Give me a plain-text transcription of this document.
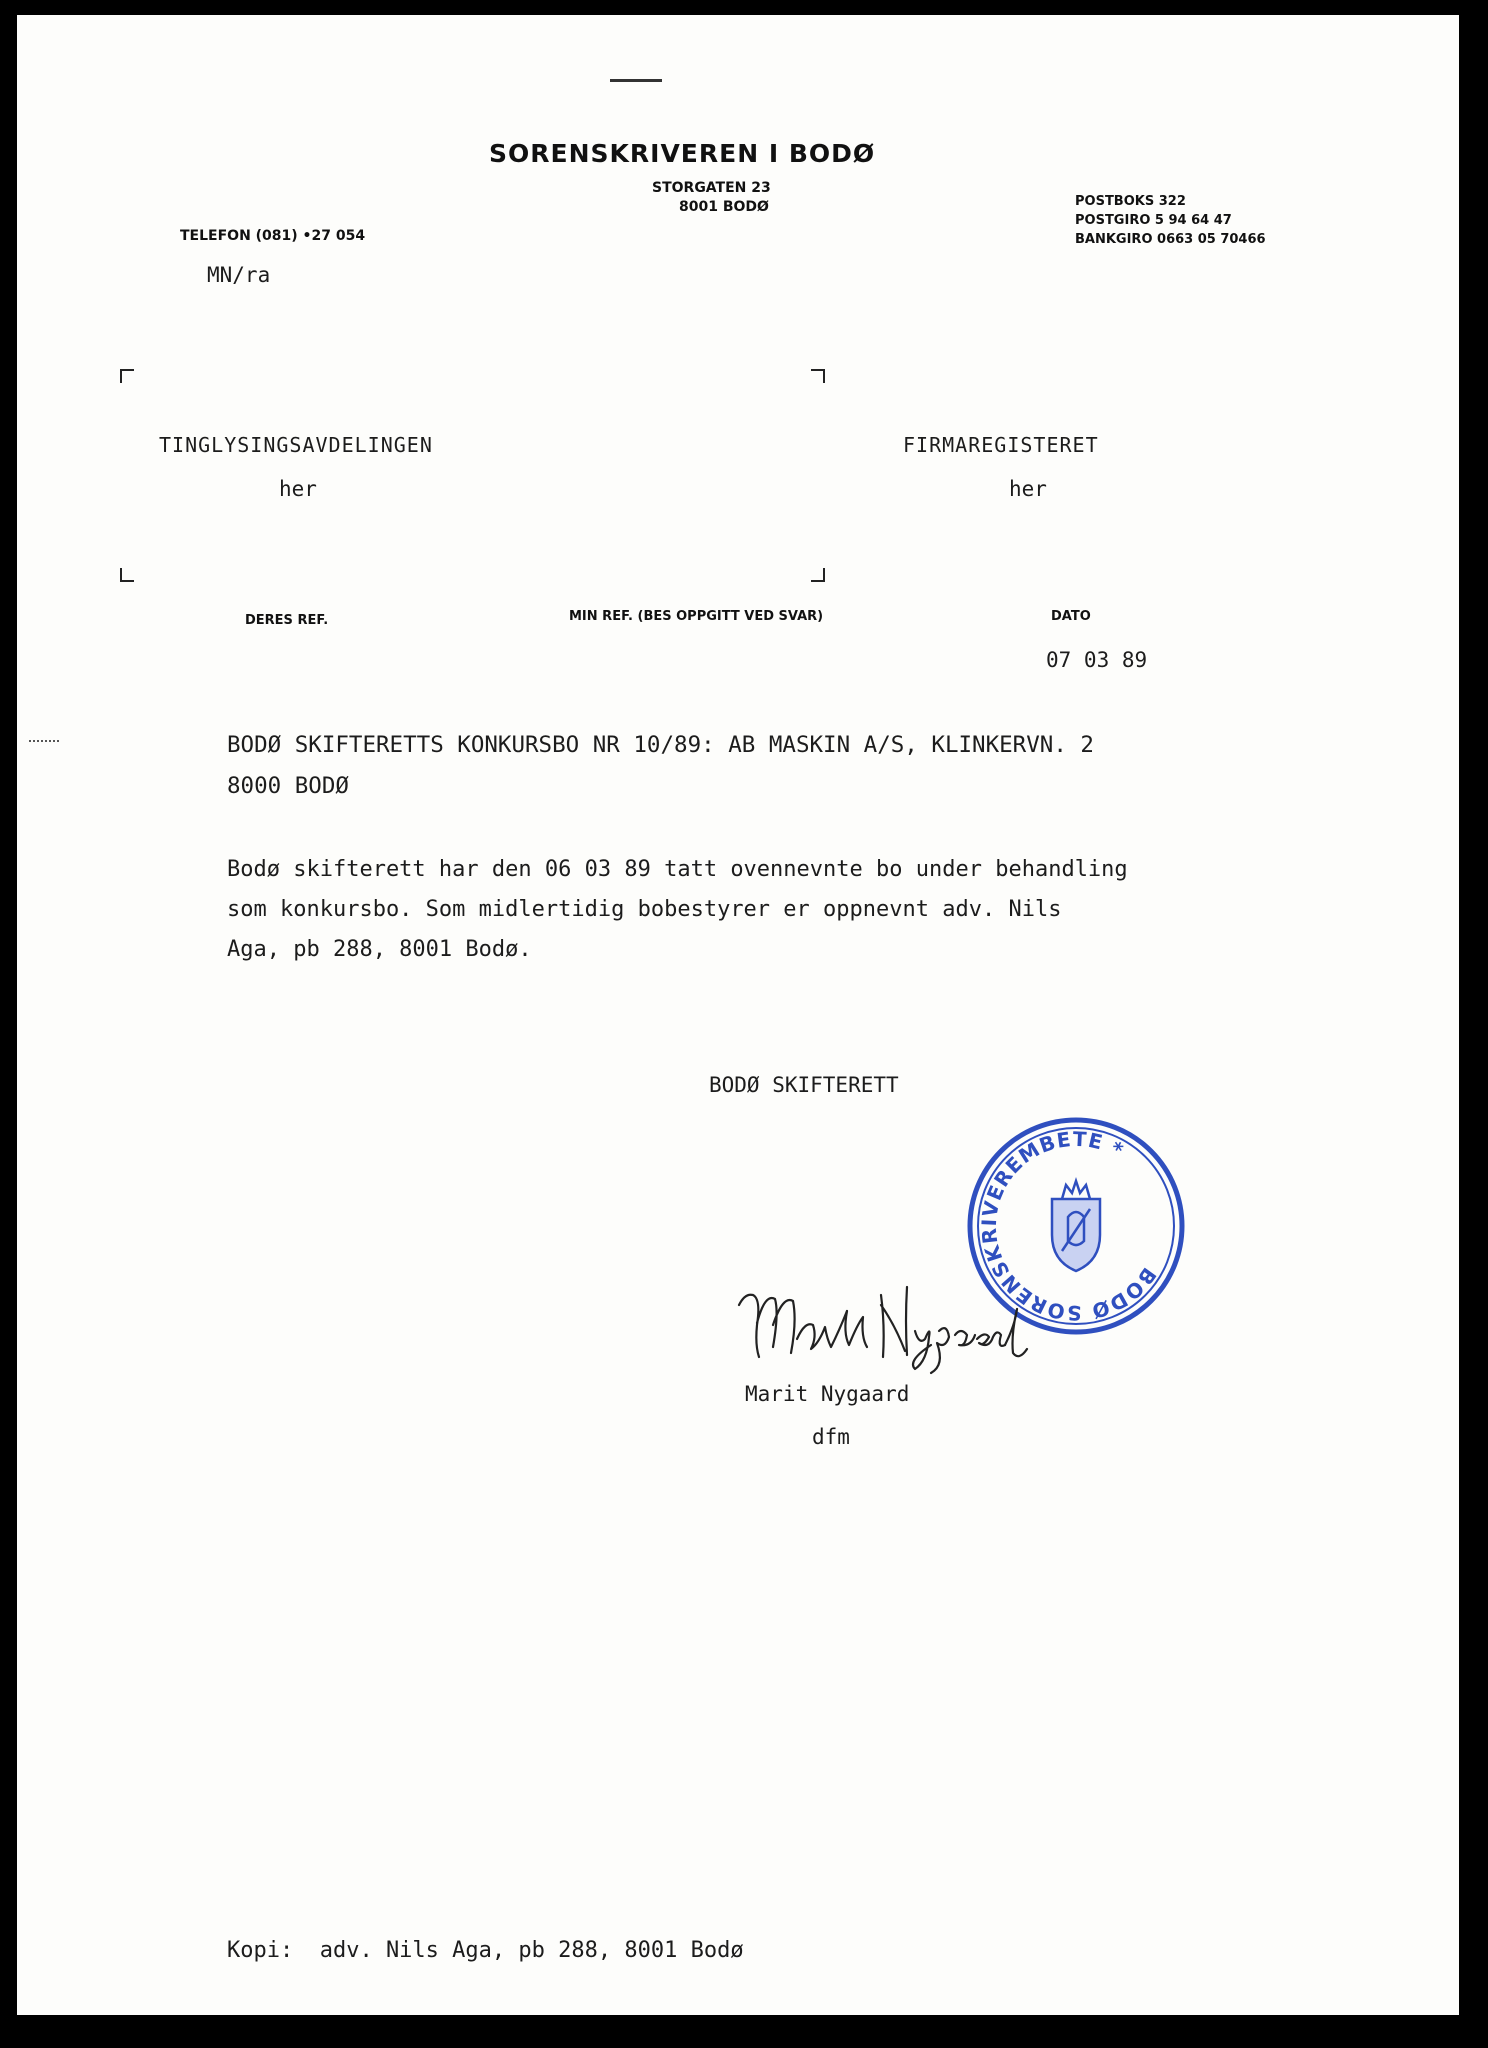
SORENSKRIVEREN I BODØ
STORGATEN 23
8001 BODØ
TELEFON (081) •27 054
POSTBOKS 322
POSTGIRO 5 94 64 47
BANKGIRO 0663 05 70466
MN/ra
TINGLYSINGSAVDELINGEN
her
FIRMAREGISTERET
her
DERES REF.	MIN REF. (BES OPPGITT VED SVAR)	DATO
07 03 89
BODØ SKIFTERETTS KONKURSBO NR 10/89: AB MASKIN A/S, KLINKERVN. 2
8000 BODØ
Bodø skifterett har den 06 03 89 tatt ovennevnte bo under behandling
som konkursbo. Som midlertidig bobestyrer er oppnevnt adv. Nils
Aga, pb 288, 8001 Bodø.
BODØ SKIFTERETT
BODØ SORENSKRIVEREMBETE *
Marit Nygaard
dfm
Kopi:  adv. Nils Aga, pb 288, 8001 Bodø
